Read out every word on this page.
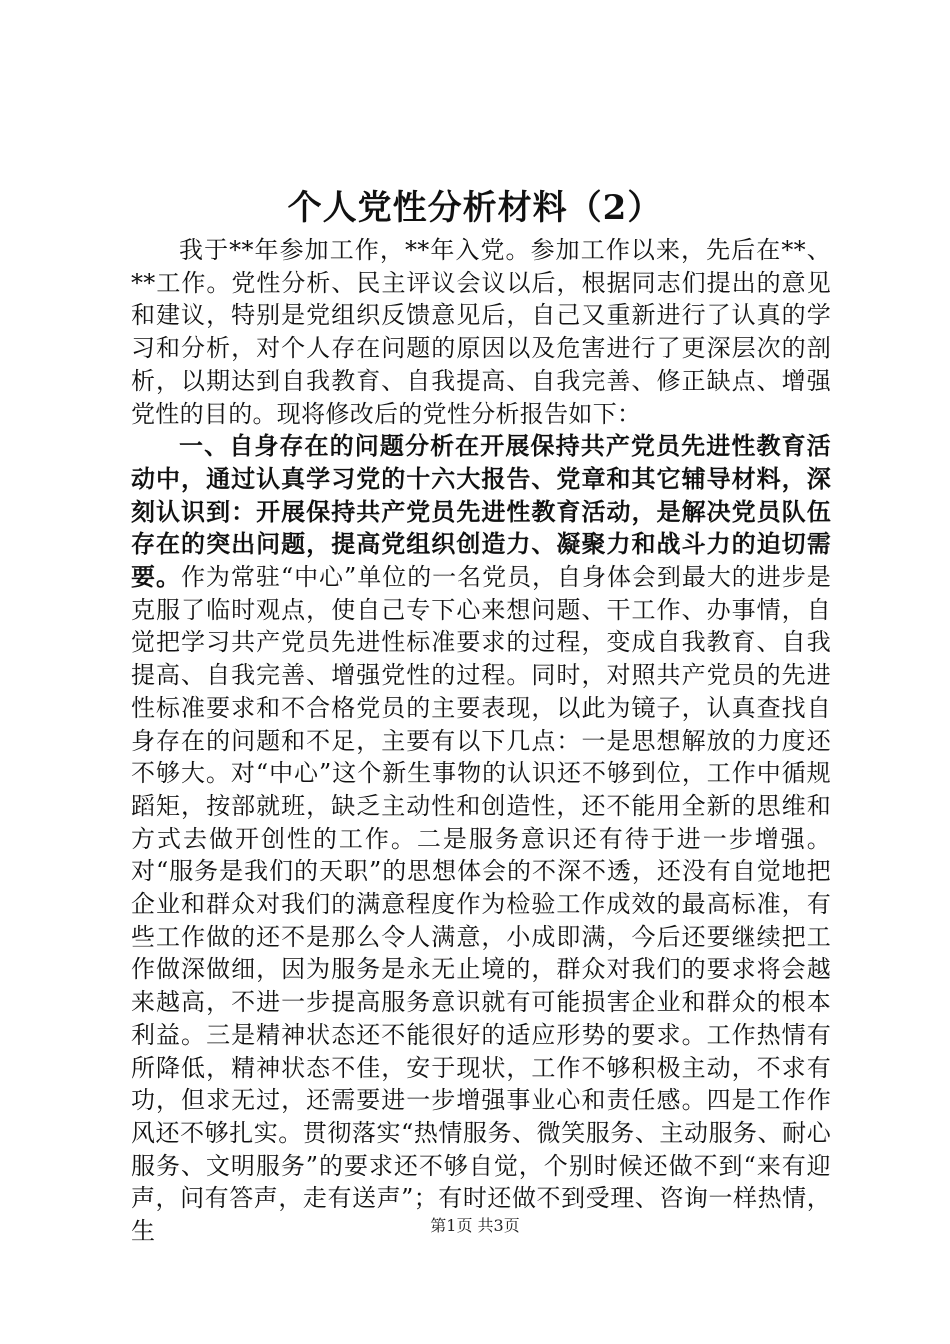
个人党性分析材料（2）

我于**年参加工作，**年入党。参加工作以来，先后在**、**工作。党性分析、民主评议会议以后，根据同志们提出的意见和建议，特别是党组织反馈意见后，自己又重新进行了认真的学习和分析，对个人存在问题的原因以及危害进行了更深层次的剖析，以期达到自我教育、自我提高、自我完善、修正缺点、增强党性的目的。现将修改后的党性分析报告如下：

一、自身存在的问题分析在开展保持共产党员先进性教育活动中，通过认真学习党的十六大报告、党章和其它辅导材料，深刻认识到：开展保持共产党员先进性教育活动，是解决党员队伍存在的突出问题，提高党组织创造力、凝聚力和战斗力的迫切需要。作为常驻“中心”单位的一名党员，自身体会到最大的进步是克服了临时观点，使自己专下心来想问题、干工作、办事情，自觉把学习共产党员先进性标准要求的过程，变成自我教育、自我提高、自我完善、增强党性的过程。同时，对照共产党员的先进性标准要求和不合格党员的主要表现，以此为镜子，认真查找自身存在的问题和不足，主要有以下几点：一是思想解放的力度还不够大。对“中心”这个新生事物的认识还不够到位，工作中循规蹈矩，按部就班，缺乏主动性和创造性，还不能用全新的思维和方式去做开创性的工作。二是服务意识还有待于进一步增强。对“服务是我们的天职”的思想体会的不深不透，还没有自觉地把企业和群众对我们的满意程度作为检验工作成效的最高标准，有些工作做的还不是那么令人满意，小成即满，今后还要继续把工作做深做细，因为服务是永无止境的，群众对我们的要求将会越来越高，不进一步提高服务意识就有可能损害企业和群众的根本利益。三是精神状态还不能很好的适应形势的要求。工作热情有所降低，精神状态不佳，安于现状，工作不够积极主动，不求有功，但求无过，还需要进一步增强事业心和责任感。四是工作作风还不够扎实。贯彻落实“热情服务、微笑服务、主动服务、耐心服务、文明服务”的要求还不够自觉，个别时候还做不到“来有迎声，问有答声，走有送声”；有时还做不到受理、咨询一样热情，生	第1页 共3页
